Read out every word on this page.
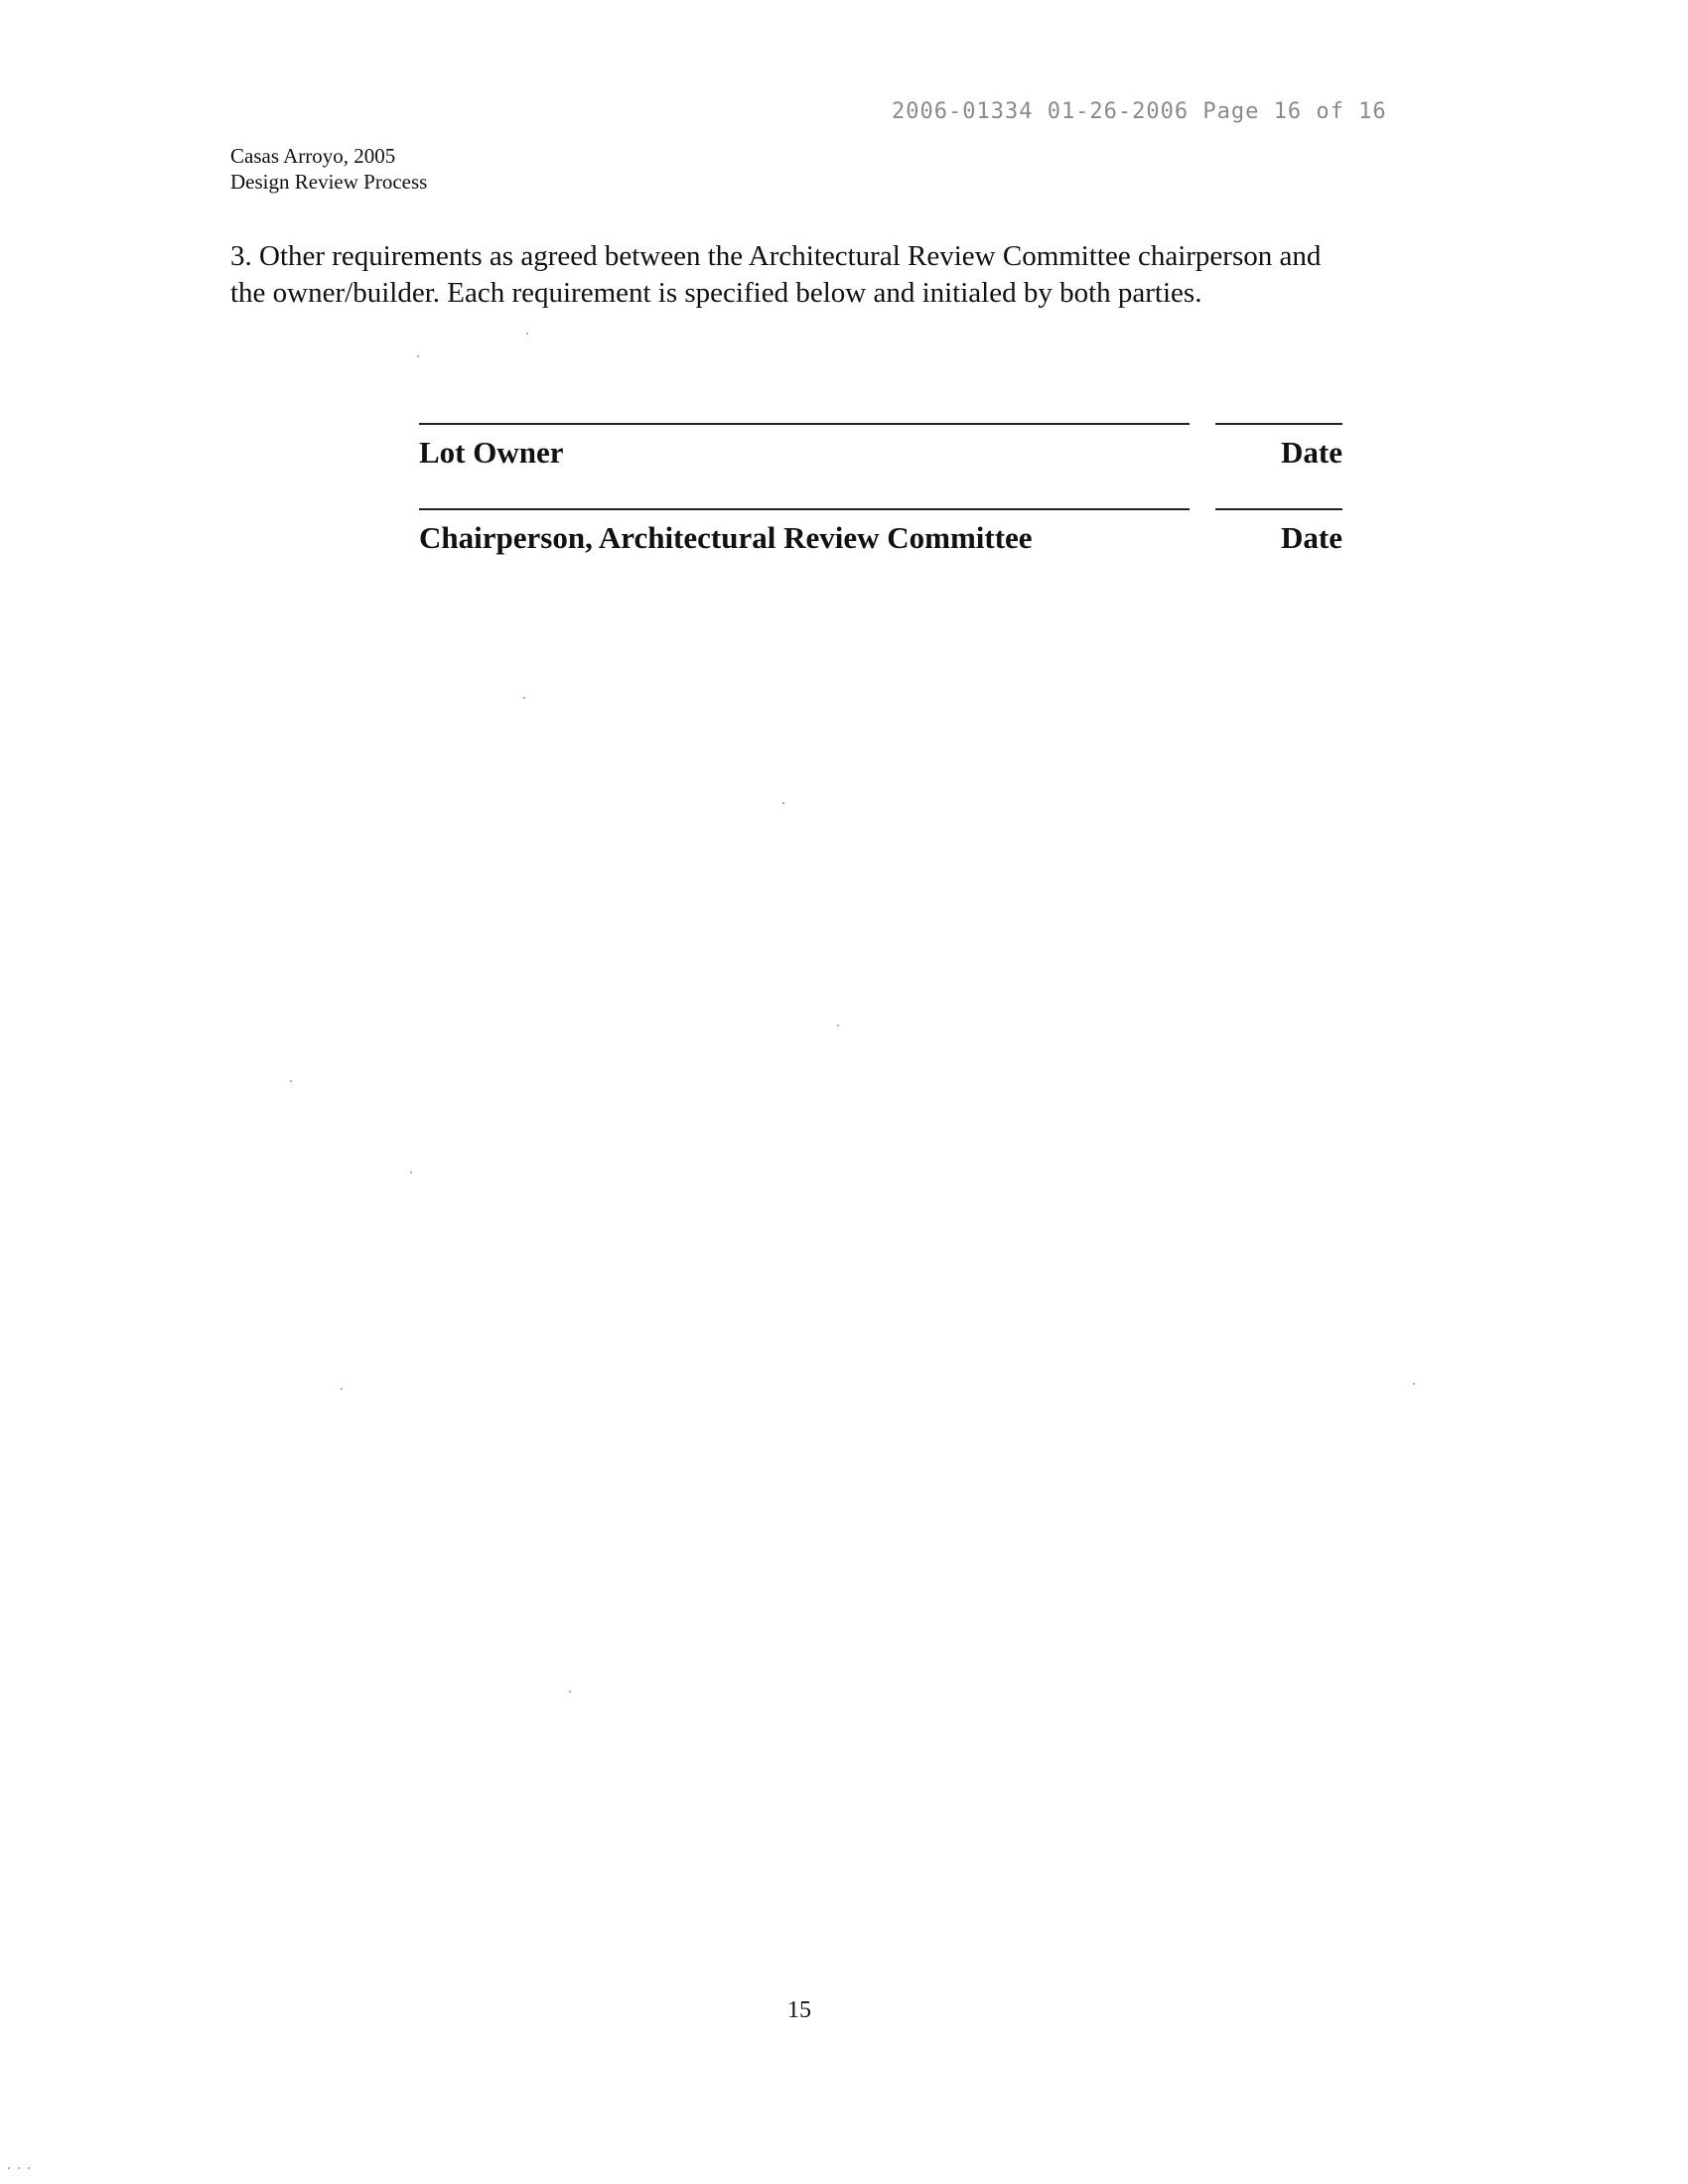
2006-01334 01-26-2006 Page 16 of 16
Casas Arroyo, 2005
Design Review Process
3. Other requirements as agreed between the Architectural Review Committee chairperson and the owner/builder. Each requirement is specified below and initialed by both parties.
Lot Owner	Date
Chairperson, Architectural Review Committee	Date
15
